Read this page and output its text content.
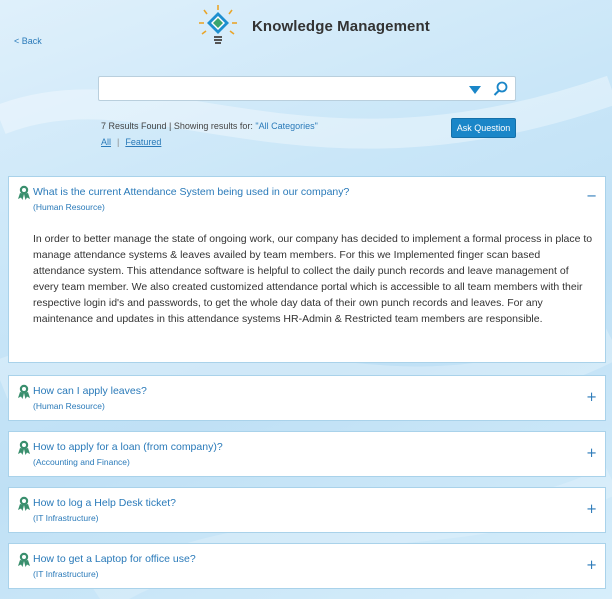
< Back
Knowledge Management
7 Results Found | Showing results for: "All Categories"
All | Featured
Ask Question
What is the current Attendance System being used in our company?
(Human Resource)
−
In order to better manage the state of ongoing work, our company has decided to implement a formal process in place to manage attendance systems & leaves availed by team members. For this we Implemented finger scan based attendance system. This attendance software is helpful to collect the daily punch records and leave management of every team member. We also created customized attendance portal which is accessible to all team members with their respective login id's and passwords, to get the whole day data of their own punch records and leaves. For any maintenance and updates in this attendance systems HR-Admin & Restricted team members are responsible.
How can I apply leaves?
(Human Resource)
+
How to apply for a loan (from company)?
(Accounting and Finance)
+
How to log a Help Desk ticket?
(IT Infrastructure)
+
How to get a Laptop for office use?
(IT Infrastructure)
+
